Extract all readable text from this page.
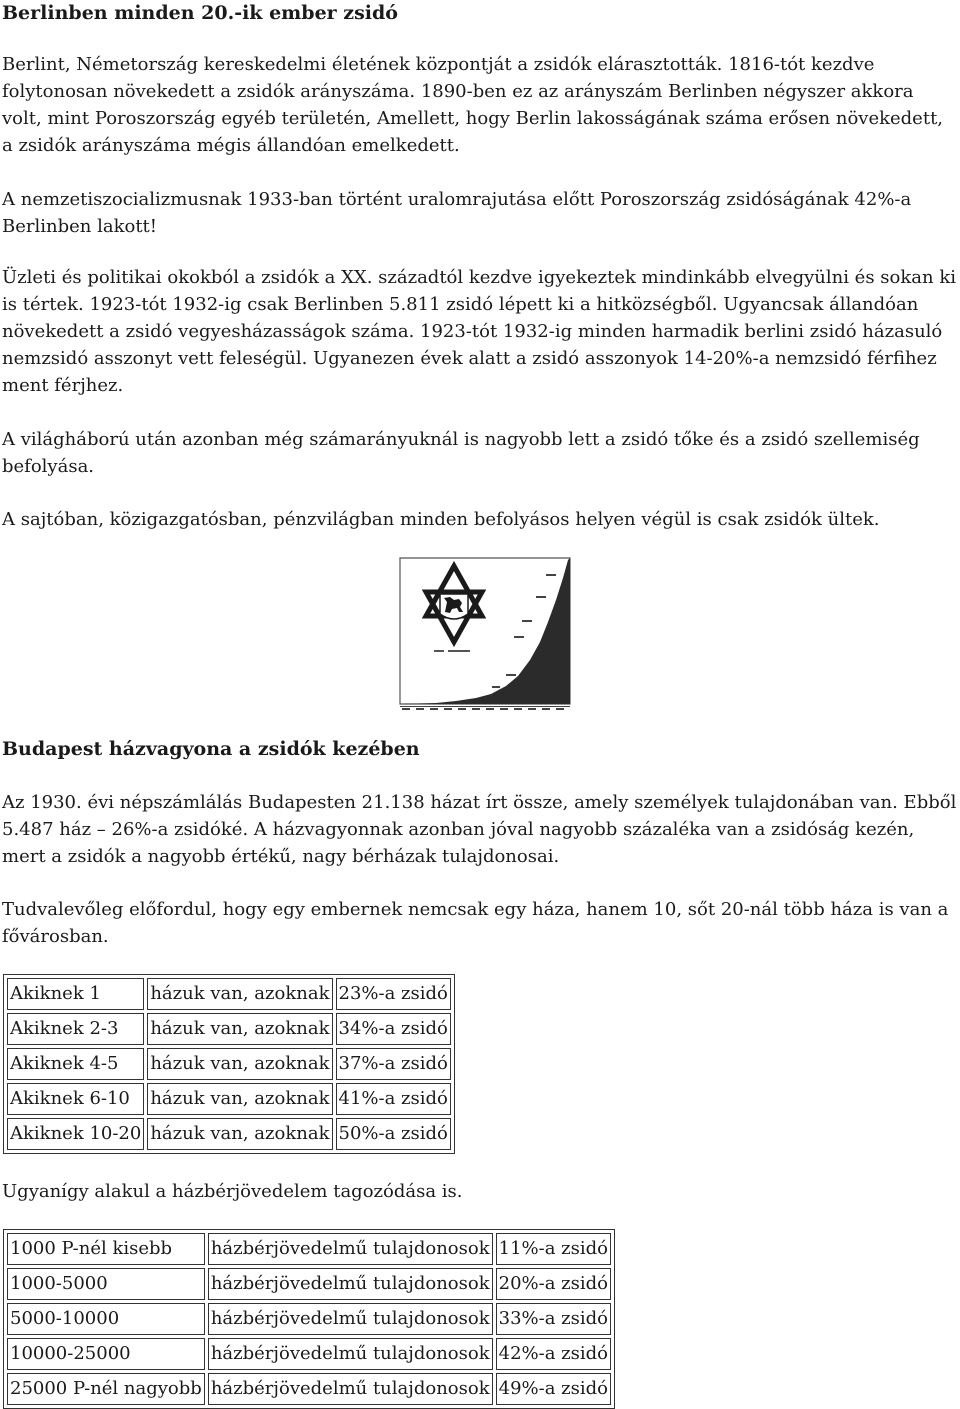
Berlinben minden 20.-ik ember zsidó

Berlint, Németország kereskedelmi életének központját a zsidók elárasztották. 1816-tót kezdve folytonosan növekedett a zsidók arányszáma. 1890-ben ez az arányszám Berlinben négyszer akkora volt, mint Poroszország egyéb területén, Amellett, hogy Berlin lakosságának száma erősen növekedett, a zsidók arányszáma mégis állandóan emelkedett.

A nemzetiszocializmusnak 1933-ban történt uralomrajutása előtt Poroszország zsidóságának 42%-a Berlinben lakott!

Üzleti és politikai okokból a zsidók a XX. századtól kezdve igyekeztek mindinkább elvegyülni és sokan ki is tértek. 1923-tót 1932-ig csak Berlinben 5.811 zsidó lépett ki a hitközségből. Ugyancsak állandóan növekedett a zsidó vegyesházasságok száma. 1923-tót 1932-ig minden harmadik berlini zsidó házasuló nemzsidó asszonyt vett feleségül. Ugyanezen évek alatt a zsidó asszonyok 14-20%-a nemzsidó férfihez ment férjhez.

A világháború után azonban még számarányuknál is nagyobb lett a zsidó tőke és a zsidó szellemiség befolyása.

A sajtóban, közigazgatósban, pénzvilágban minden befolyásos helyen végül is csak zsidók ültek.

Budapest házvagyona a zsidók kezében

Az 1930. évi népszámlálás Budapesten 21.138 házat írt össze, amely személyek tulajdonában van. Ebből 5.487 ház – 26%-a zsidóké. A házvagyonnak azonban jóval nagyobb százaléka van a zsidóság kezén, mert a zsidók a nagyobb értékű, nagy bérházak tulajdonosai.

Tudvalevőleg előfordul, hogy egy embernek nemcsak egy háza, hanem 10, sőt 20-nál több háza is van a fővárosban.

Akiknek 1	házuk van, azoknak	23%-a zsidó
Akiknek 2-3	házuk van, azoknak	34%-a zsidó
Akiknek 4-5	házuk van, azoknak	37%-a zsidó
Akiknek 6-10	házuk van, azoknak	41%-a zsidó
Akiknek 10-20	házuk van, azoknak	50%-a zsidó

Ugyanígy alakul a házbérjövedelem tagozódása is.

1000 P-nél kisebb	házbérjövedelmű tulajdonosok	11%-a zsidó
1000-5000	házbérjövedelmű tulajdonosok	20%-a zsidó
5000-10000	házbérjövedelmű tulajdonosok	33%-a zsidó
10000-25000	házbérjövedelmű tulajdonosok	42%-a zsidó
25000 P-nél nagyobb	házbérjövedelmű tulajdonosok	49%-a zsidó
